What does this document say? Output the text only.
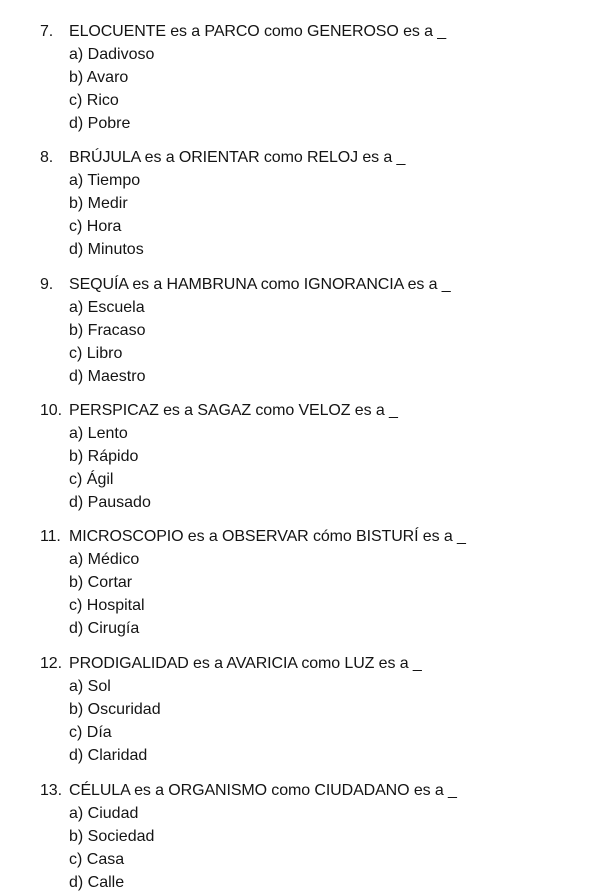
7. ELOCUENTE es a PARCO como GENEROSO es a _
a) Dadivoso
b) Avaro
c) Rico
d) Pobre
8. BRÚJULA es a ORIENTAR como RELOJ es a _
a) Tiempo
b) Medir
c) Hora
d) Minutos
9. SEQUÍA es a HAMBRUNA como IGNORANCIA es a _
a) Escuela
b) Fracaso
c) Libro
d) Maestro
10. PERSPICAZ es a SAGAZ como VELOZ es a _
a) Lento
b) Rápido
c) Ágil
d) Pausado
11. MICROSCOPIO es a OBSERVAR cómo BISTURÍ es a _
a) Médico
b) Cortar
c) Hospital
d) Cirugía
12. PRODIGALIDAD es a AVARICIA como LUZ es a _
a) Sol
b) Oscuridad
c) Día
d) Claridad
13. CÉLULA es a ORGANISMO como CIUDADANO es a _
a) Ciudad
b) Sociedad
c) Casa
d) Calle
